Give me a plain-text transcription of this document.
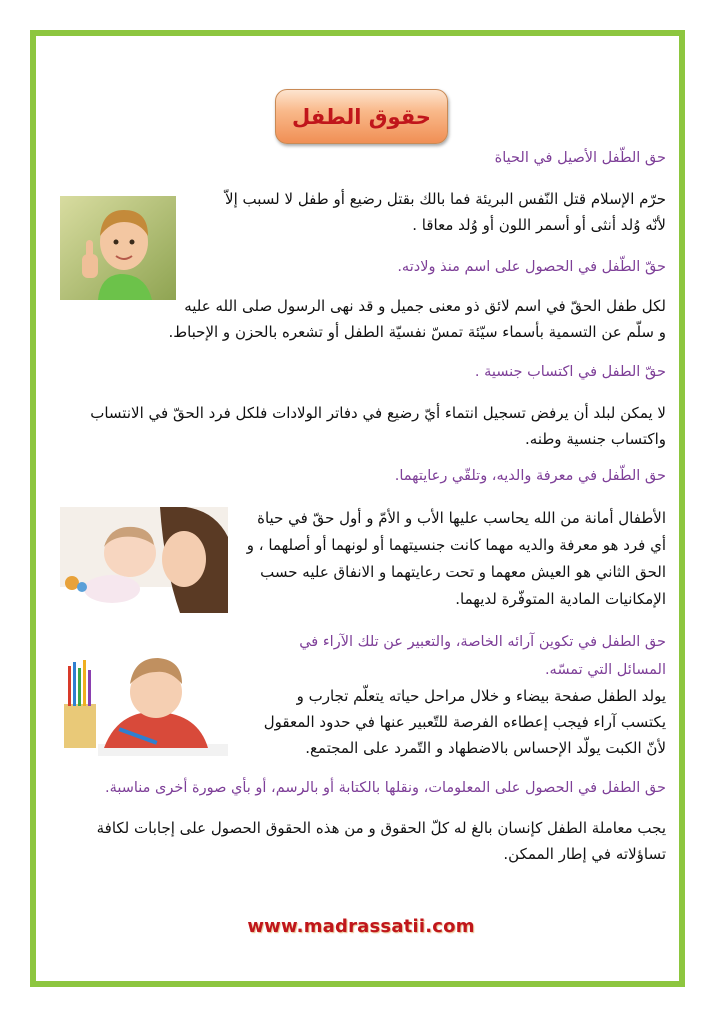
حقوق الطفل
حق الطّفل الأصيل في الحياة

حرّم الإسلام قتل النّفس البريئة فما بالك بقتل رضيع أو طفل لا لسبب إلاّ

لأنّه وُلد أنثى أو أسمر اللون أو وُلد معاقا .

حقّ الطّفل في الحصول على اسم منذ ولادته.

لكل طفل الحقّ في اسم لائق ذو معنى جميل و قد نهى الرسول صلى الله عليه

و سلّم عن التسمية بأسماء سيّئة تمسّ نفسيّة الطفل أو تشعره بالحزن و الإحباط.

حقّ الطفل في اكتساب جنسية .

لا يمكن لبلد أن يرفض تسجيل انتماء أيّ رضيع في دفاتر الولادات فلكل فرد الحقّ في الانتساب

واكتساب جنسية وطنه.

حق الطّفل في معرفة والديه، وتلقّي رعايتهما.

الأطفال أمانة من الله يحاسب عليها الأب و الأمّ و أول حقّ في حياة

أي فرد هو معرفة والديه مهما كانت جنسيتهما أو لونهما أو أصلهما ، و

الحق الثاني هو العيش معهما و تحت رعايتهما و الانفاق عليه حسب

الإمكانيات المادية المتوفّرة لديهما.

حق الطفل في تكوين آرائه الخاصة، والتعبير عن تلك الآراء في
المسائل التي تمسّه.

يولد الطفل صفحة بيضاء و خلال مراحل حياته يتعلّم تجارب و

يكتسب آراء فيجب إعطاءه الفرصة للتّعبير عنها في حدود المعقول

لأنّ الكبت يولّد الإحساس بالاضطهاد و التّمرد على المجتمع.

حق الطفل في الحصول على المعلومات، ونقلها بالكتابة أو بالرسم، أو بأي صورة أخرى مناسبة.

يجب معاملة الطفل كإنسان بالغ له كلّ الحقوق و من هذه الحقوق الحصول على إجابات لكافة

تساؤلاته في إطار الممكن.

www.madrassatii.com
